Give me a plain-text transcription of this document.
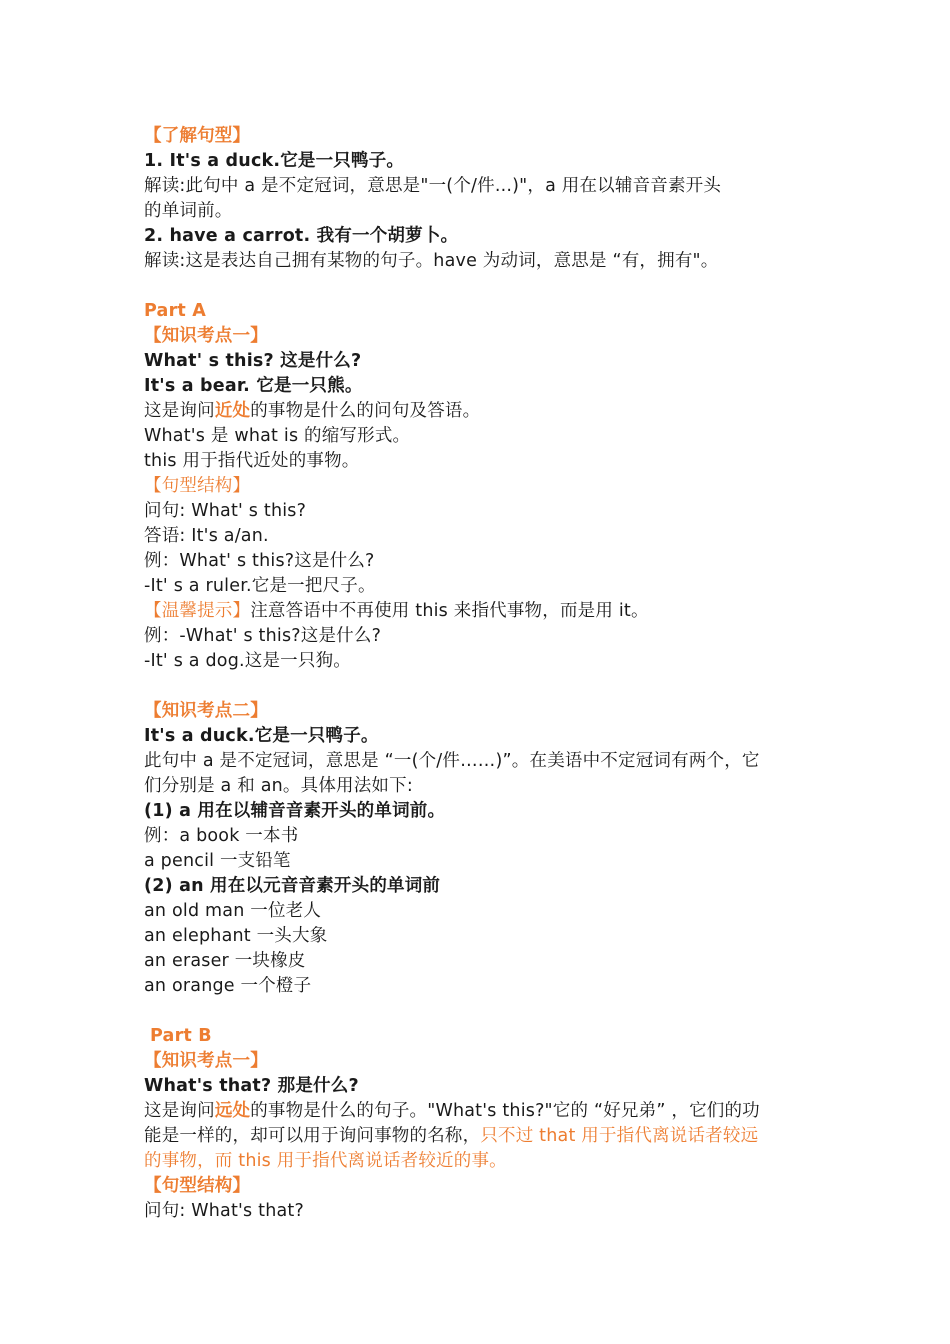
【了解句型】
1. It's a duck.它是一只鸭子。
解读:此句中 a 是不定冠词，意思是"一(个/件...)"，a 用在以辅音音素开头
的单词前。
2. have a carrot. 我有一个胡萝卜。
解读:这是表达自己拥有某物的句子。have 为动词，意思是 “有，拥有"。
Part A
【知识考点一】
What' s this? 这是什么?
It's a bear. 它是一只熊。
这是询问近处的事物是什么的问句及答语。
What's 是 what is 的缩写形式。
this 用于指代近处的事物。
【句型结构】
问句: What' s this?
答语: It's a/an.
例：What' s this?这是什么?
-It' s a ruler.它是一把尺子。
【温馨提示】注意答语中不再使用 this 来指代事物，而是用 it。
例：-What' s this?这是什么?
-It' s a dog.这是一只狗。
【知识考点二】
It's a duck.它是一只鸭子。
此句中 a 是不定冠词，意思是 “一(个/件……)”。在美语中不定冠词有两个，它
们分别是 a 和 an。具体用法如下:
(1) a 用在以辅音音素开头的单词前。
例：a book 一本书
a pencil 一支铅笔
(2) an 用在以元音音素开头的单词前
an old man 一位老人
an elephant 一头大象
an eraser 一块橡皮
an orange 一个橙子
Part B
【知识考点一】
What's that? 那是什么?
这是询问远处的事物是什么的句子。"What's this?"它的 “好兄弟” ，它们的功
能是一样的，却可以用于询问事物的名称，只不过 that 用于指代离说话者较远
的事物，而 this 用于指代离说话者较近的事。
【句型结构】
问句: What's that?
